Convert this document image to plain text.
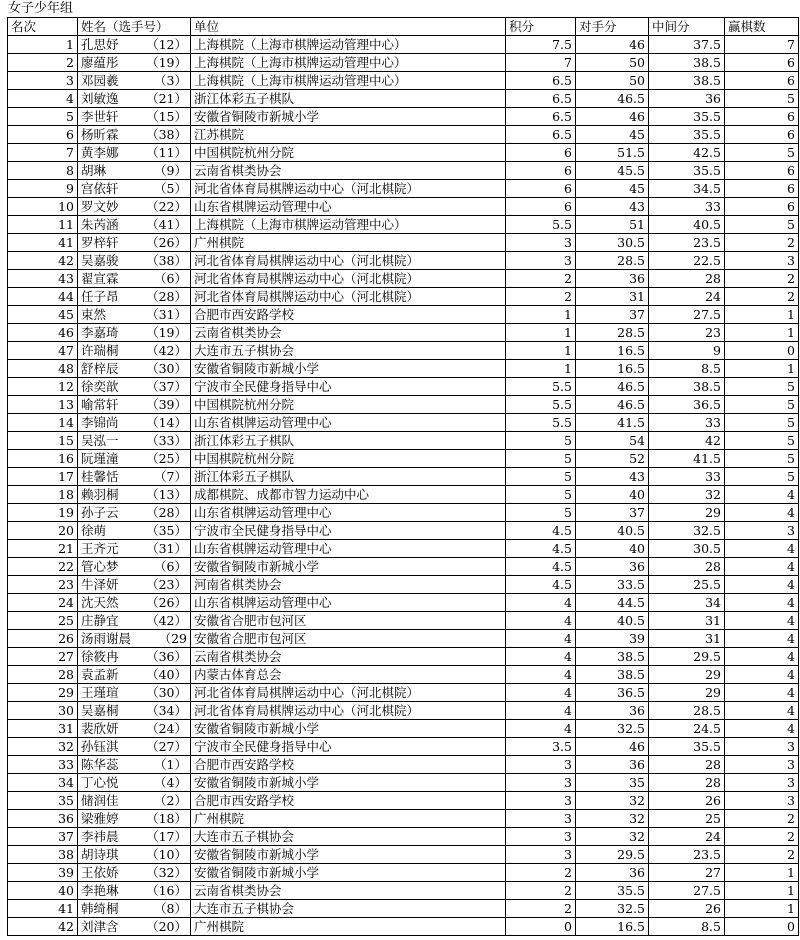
女子少年组
名次	姓名（选手号）	单位	积分	对手分	中间分	赢棋数
1	孔思妤 （12）	上海棋院（上海市棋牌运动管理中心）	7.5	46	37.5	7
2	廖蕴彤 （19）	上海棋院（上海市棋牌运动管理中心）	7	50	38.5	6
3	邓园羲 （3）	上海棋院（上海市棋牌运动管理中心）	6.5	50	38.5	6
4	刘敏逸 （21）	浙江体彩五子棋队	6.5	46.5	36	5
5	李世轩 （15）	安徽省铜陵市新城小学	6.5	46	35.5	6
6	杨昕霖 （38）	江苏棋院	6.5	45	35.5	6
7	黄李娜 （11）	中国棋院杭州分院	6	51.5	42.5	5
8	胡琳 （9）	云南省棋类协会	6	45.5	35.5	6
9	宫依轩 （5）	河北省体育局棋牌运动中心（河北棋院）	6	45	34.5	6
10	罗文妙 （22）	山东省棋牌运动管理中心	6	43	33	6
11	朱芮涵 （41）	上海棋院（上海市棋牌运动管理中心）	5.5	51	40.5	5
41	罗梓轩 （26）	广州棋院	3	30.5	23.5	2
42	吴嘉骏 （38）	河北省体育局棋牌运动中心（河北棋院）	3	28.5	22.5	3
43	翟宣霖 （6）	河北省体育局棋牌运动中心（河北棋院）	2	36	28	2
44	任子昂 （28）	河北省体育局棋牌运动中心（河北棋院）	2	31	24	2
45	束然 （31）	合肥市西安路学校	1	37	27.5	1
46	李嘉琦 （19）	云南省棋类协会	1	28.5	23	1
47	许瑞桐 （42）	大连市五子棋协会	1	16.5	9	0
48	舒梓辰 （30）	安徽省铜陵市新城小学	1	16.5	8.5	1
12	徐奕歆 （37）	宁波市全民健身指导中心	5.5	46.5	38.5	5
13	喻常轩 （39）	中国棋院杭州分院	5.5	46.5	36.5	5
14	李锦尚 （14）	山东省棋牌运动管理中心	5.5	41.5	33	5
15	吴泓一 （33）	浙江体彩五子棋队	5	54	42	5
16	阮瑾潼 （25）	中国棋院杭州分院	5	52	41.5	5
17	桂馨恬 （7）	浙江体彩五子棋队	5	43	33	5
18	赖羽桐 （13）	成都棋院、成都市智力运动中心	5	40	32	4
19	孙子云 （28）	山东省棋牌运动管理中心	5	37	29	4
20	徐萌 （35）	宁波市全民健身指导中心	4.5	40.5	32.5	3
21	王齐元 （31）	山东省棋牌运动管理中心	4.5	40	30.5	4
22	管心梦 （6）	安徽省铜陵市新城小学	4.5	36	28	4
23	牛泽妍 （23）	河南省棋类协会	4.5	33.5	25.5	4
24	沈天然 （26）	山东省棋牌运动管理中心	4	44.5	34	4
25	庄静宜 （42）	安徽省合肥市包河区	4	40.5	31	4
26	汤雨谢晨 （29	安徽省合肥市包河区	4	39	31	4
27	徐筱冉 （36）	云南省棋类协会	4	38.5	29.5	4
28	袁孟新 （40）	内蒙古体育总会	4	38.5	29	4
29	王瑾瑄 （30）	河北省体育局棋牌运动中心（河北棋院）	4	36.5	29	4
30	吴嘉桐 （34）	河北省体育局棋牌运动中心（河北棋院）	4	36	28.5	4
31	裴欣妍 （24）	安徽省铜陵市新城小学	4	32.5	24.5	4
32	孙钰淇 （27）	宁波市全民健身指导中心	3.5	46	35.5	3
33	陈华蕊 （1）	合肥市西安路学校	3	36	28	3
34	丁心悦 （4）	安徽省铜陵市新城小学	3	35	28	3
35	储润佳 （2）	合肥市西安路学校	3	32	26	3
36	梁雅婷 （18）	广州棋院	3	32	25	2
37	李祎晨 （17）	大连市五子棋协会	3	32	24	2
38	胡诗琪 （10）	安徽省铜陵市新城小学	3	29.5	23.5	2
39	王依娇 （32）	安徽省铜陵市新城小学	2	36	27	1
40	李艳琳 （16）	云南省棋类协会	2	35.5	27.5	1
41	韩绮桐 （8）	大连市五子棋协会	2	32.5	26	1
42	刘津含 （20）	广州棋院	0	16.5	8.5	0
